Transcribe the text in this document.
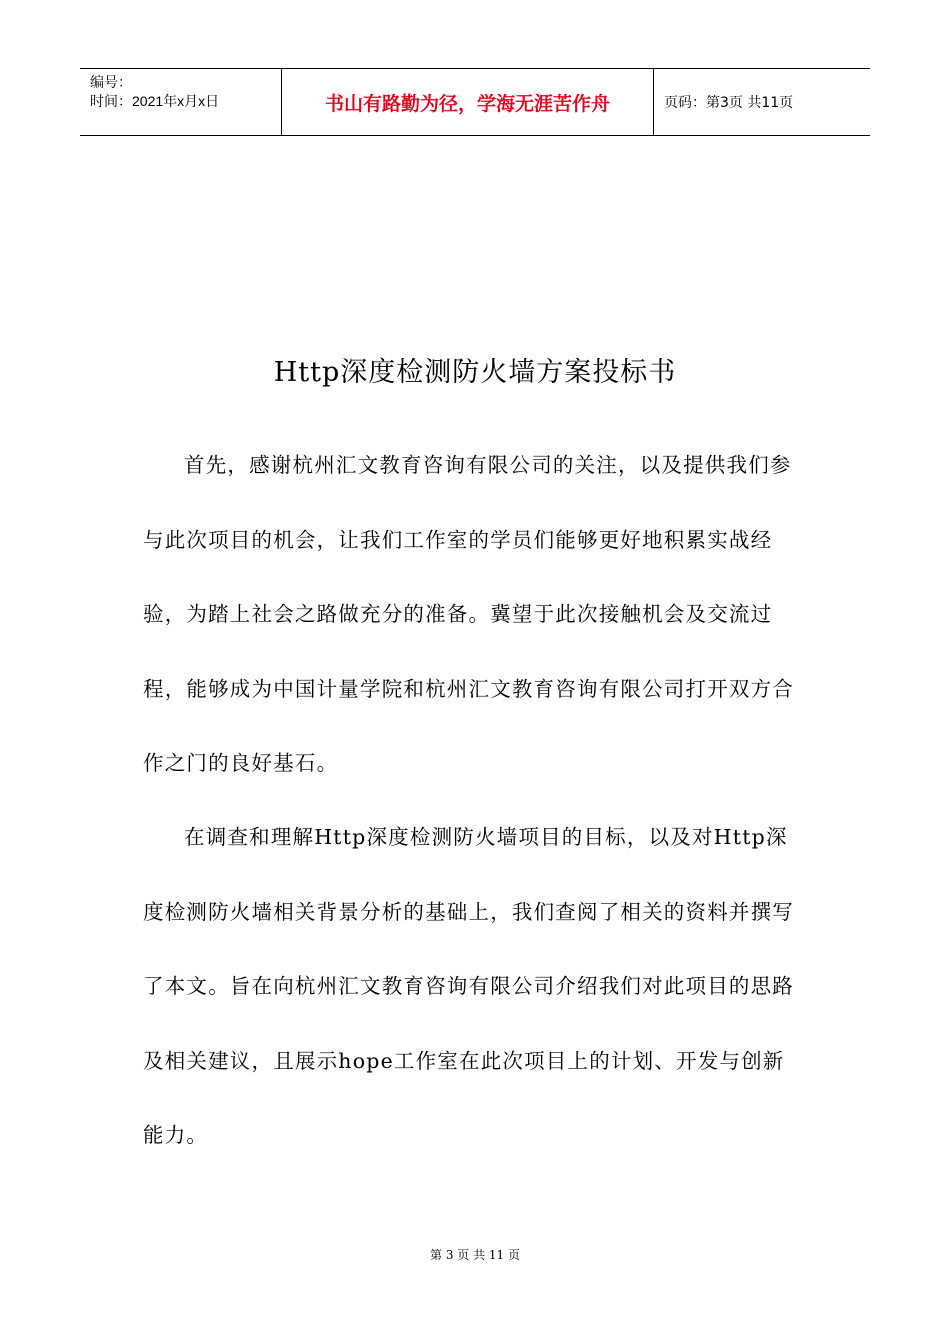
编号：
时间：2021年x月x日	书山有路勤为径，学海无涯苦作舟	页码：第3页 共11页
Http深度检测防火墙方案投标书

首先，感谢杭州汇文教育咨询有限公司的关注，以及提供我们参与此次项目的机会，让我们工作室的学员们能够更好地积累实战经验，为踏上社会之路做充分的准备。冀望于此次接触机会及交流过程，能够成为中国计量学院和杭州汇文教育咨询有限公司打开双方合作之门的良好基石。

在调查和理解Http深度检测防火墙项目的目标，以及对Http深度检测防火墙相关背景分析的基础上，我们查阅了相关的资料并撰写了本文。旨在向杭州汇文教育咨询有限公司介绍我们对此项目的思路及相关建议，且展示hope工作室在此次项目上的计划、开发与创新能力。

第 3 页 共 11 页
